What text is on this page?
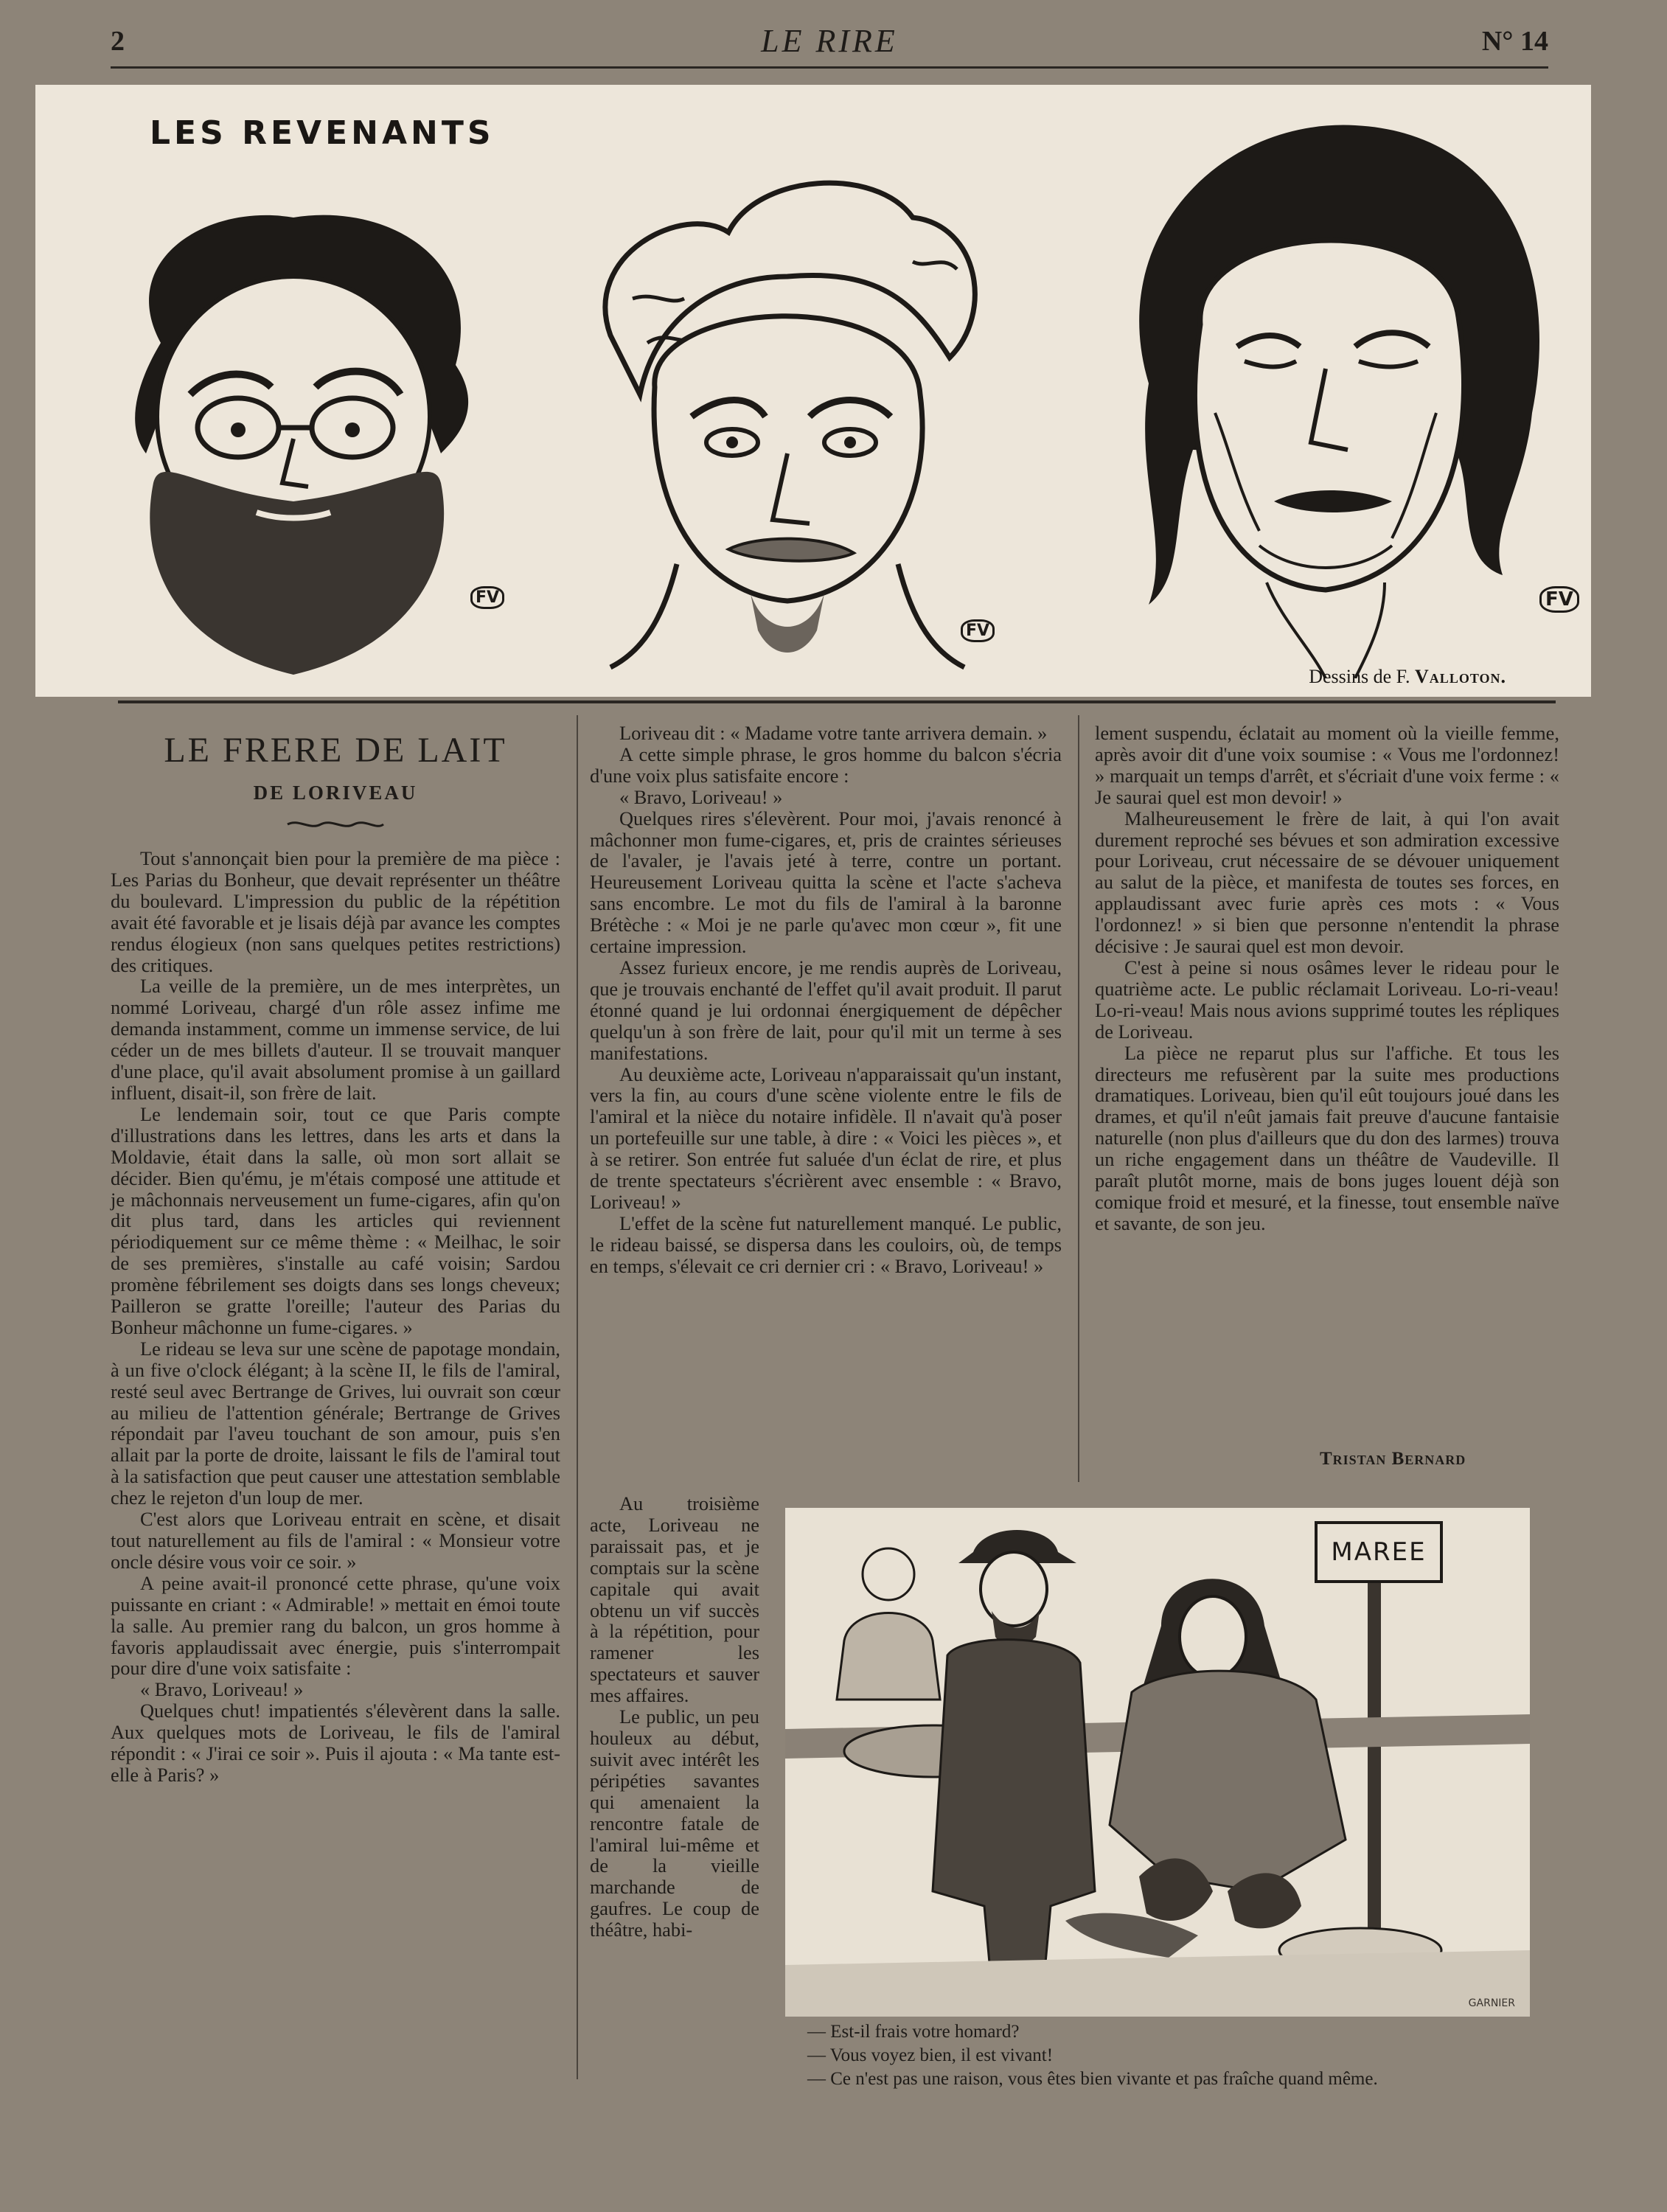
2	LE RIRE	N° 14
LES REVENANTS
FV
FV
FV
Dessins de F. Valloton.
LE FRERE DE LAIT
DE LORIVEAU

Tout s'annonçait bien pour la première de ma pièce : Les Parias du Bonheur, que devait représenter un théâtre du boulevard. L'impression du public de la répétition avait été favorable et je lisais déjà par avance les comptes rendus élogieux (non sans quelques petites restrictions) des critiques.

La veille de la première, un de mes interprètes, un nommé Loriveau, chargé d'un rôle assez infime me demanda instamment, comme un immense service, de lui céder un de mes billets d'auteur. Il se trouvait manquer d'une place, qu'il avait absolument promise à un gaillard influent, disait-il, son frère de lait.

Le lendemain soir, tout ce que Paris compte d'illustrations dans les lettres, dans les arts et dans la Moldavie, était dans la salle, où mon sort allait se décider. Bien qu'ému, je m'étais composé une attitude et je mâchonnais nerveusement un fume-cigares, afin qu'on dit plus tard, dans les articles qui reviennent périodiquement sur ce même thème : « Meilhac, le soir de ses premières, s'installe au café voisin; Sardou promène fébrilement ses doigts dans ses longs cheveux; Pailleron se gratte l'oreille; l'auteur des Parias du Bonheur mâchonne un fume-cigares. »

Le rideau se leva sur une scène de papotage mondain, à un five o'clock élégant; à la scène II, le fils de l'amiral, resté seul avec Bertrange de Grives, lui ouvrait son cœur au milieu de l'attention générale; Bertrange de Grives répondait par l'aveu touchant de son amour, puis s'en allait par la porte de droite, laissant le fils de l'amiral tout à la satisfaction que peut causer une attestation semblable chez le rejeton d'un loup de mer.

C'est alors que Loriveau entrait en scène, et disait tout naturellement au fils de l'amiral : « Monsieur votre oncle désire vous voir ce soir. »

A peine avait-il prononcé cette phrase, qu'une voix puissante en criant : « Admirable! » mettait en émoi toute la salle. Au premier rang du balcon, un gros homme à favoris applaudissait avec énergie, puis s'interrompait pour dire d'une voix satisfaite :

« Bravo, Loriveau! »

Quelques chut! impatientés s'élevèrent dans la salle. Aux quelques mots de Loriveau, le fils de l'amiral répondit : « J'irai ce soir ». Puis il ajouta : « Ma tante est-elle à Paris? »

Loriveau dit : « Madame votre tante arrivera demain. »

A cette simple phrase, le gros homme du balcon s'écria d'une voix plus satisfaite encore :

« Bravo, Loriveau! »

Quelques rires s'élevèrent. Pour moi, j'avais renoncé à mâchonner mon fume-cigares, et, pris de craintes sérieuses de l'avaler, je l'avais jeté à terre, contre un portant. Heureusement Loriveau quitta la scène et l'acte s'acheva sans encombre. Le mot du fils de l'amiral à la baronne Brétèche : « Moi je ne parle qu'avec mon cœur », fit une certaine impression.

Assez furieux encore, je me rendis auprès de Loriveau, que je trouvais enchanté de l'effet qu'il avait produit. Il parut étonné quand je lui ordonnai énergiquement de dépêcher quelqu'un à son frère de lait, pour qu'il mit un terme à ses manifestations.

Au deuxième acte, Loriveau n'apparaissait qu'un instant, vers la fin, au cours d'une scène violente entre le fils de l'amiral et la nièce du notaire infidèle. Il n'avait qu'à poser un portefeuille sur une table, à dire : « Voici les pièces », et à se retirer. Son entrée fut saluée d'un éclat de rire, et plus de trente spectateurs s'écrièrent avec ensemble : « Bravo, Loriveau! »

L'effet de la scène fut naturellement manqué. Le public, le rideau baissé, se dispersa dans les couloirs, où, de temps en temps, s'élevait ce cri dernier cri : « Bravo, Loriveau! »

Au troisième acte, Loriveau ne paraissait pas, et je comptais sur la scène capitale qui avait obtenu un vif succès à la répétition, pour ramener les spectateurs et sauver mes affaires.

Le public, un peu houleux au début, suivit avec intérêt les péripéties savantes qui amenaient la rencontre fatale de l'amiral lui-même et de la vieille marchande de gaufres. Le coup de théâtre, habi-

lement suspendu, éclatait au moment où la vieille femme, après avoir dit d'une voix soumise : « Vous me l'ordonnez! » marquait un temps d'arrêt, et s'écriait d'une voix ferme : « Je saurai quel est mon devoir! »

Malheureusement le frère de lait, à qui l'on avait durement reproché ses bévues et son admiration excessive pour Loriveau, crut nécessaire de se dévouer uniquement au salut de la pièce, et manifesta de toutes ses forces, en applaudissant avec furie après ces mots : « Vous l'ordonnez! » si bien que personne n'entendit la phrase décisive : Je saurai quel est mon devoir.

C'est à peine si nous osâmes lever le rideau pour le quatrième acte. Le public réclamait Loriveau. Lo-ri-veau! Lo-ri-veau! Mais nous avions supprimé toutes les répliques de Loriveau.

La pièce ne reparut plus sur l'affiche. Et tous les directeurs me refusèrent par la suite mes productions dramatiques. Loriveau, bien qu'il eût toujours joué dans les drames, et qu'il n'eût jamais fait preuve d'aucune fantaisie naturelle (non plus d'ailleurs que du don des larmes) trouva un riche engagement dans un théâtre de Vaudeville. Il paraît plutôt morne, mais de bons juges louent déjà son comique froid et mesuré, et la finesse, tout ensemble naïve et savante, de son jeu.

Tristan Bernard
MAREE
GARNIER
— Est-il frais votre homard?
— Vous voyez bien, il est vivant!
— Ce n'est pas une raison, vous êtes bien vivante et pas fraîche quand même.
